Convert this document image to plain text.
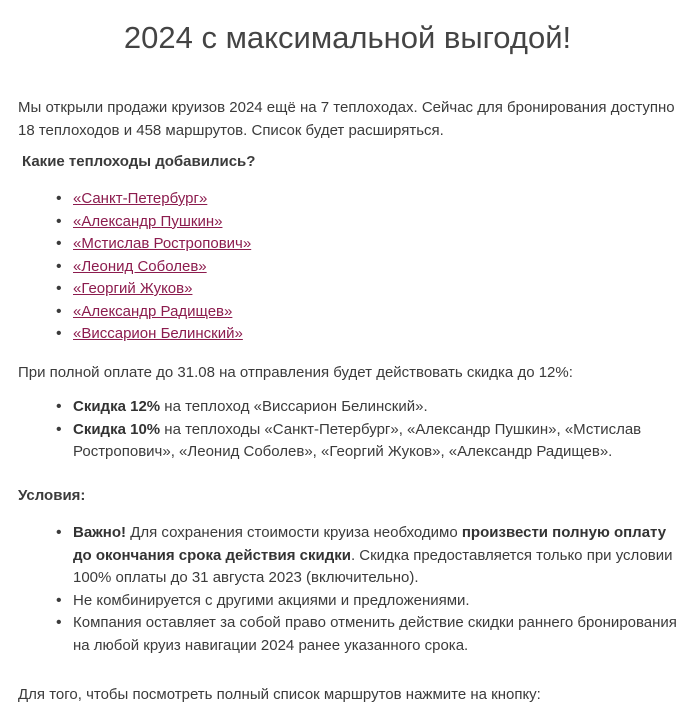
2024 с максимальной выгодой!

Мы открыли продажи круизов 2024 ещё на 7 теплоходах. Сейчас для бронирования доступно 18 теплоходов и 458 маршрутов. Список будет расширяться.

Какие теплоходы добавились?

• «Санкт-Петербург»
• «Александр Пушкин»
• «Мстислав Ростропович»
• «Леонид Соболев»
• «Георгий Жуков»
• «Александр Радищев»
• «Виссарион Белинский»

При полной оплате до 31.08 на отправления будет действовать скидка до 12%:

• Скидка 12% на теплоход «Виссарион Белинский».
• Скидка 10% на теплоходы «Санкт-Петербург», «Александр Пушкин», «Мстислав Ростропович», «Леонид Соболев», «Георгий Жуков», «Александр Радищев».

Условия:

• Важно! Для сохранения стоимости круиза необходимо произвести полную оплату до окончания срока действия скидки. Скидка предоставляется только при условии 100% оплаты до 31 августа 2023 (включительно).
• Не комбинируется с другими акциями и предложениями.
• Компания оставляет за собой право отменить действие скидки раннего бронирования на любой круиз навигации 2024 ранее указанного срока.

Для того, чтобы посмотреть полный список маршрутов нажмите на кнопку:
